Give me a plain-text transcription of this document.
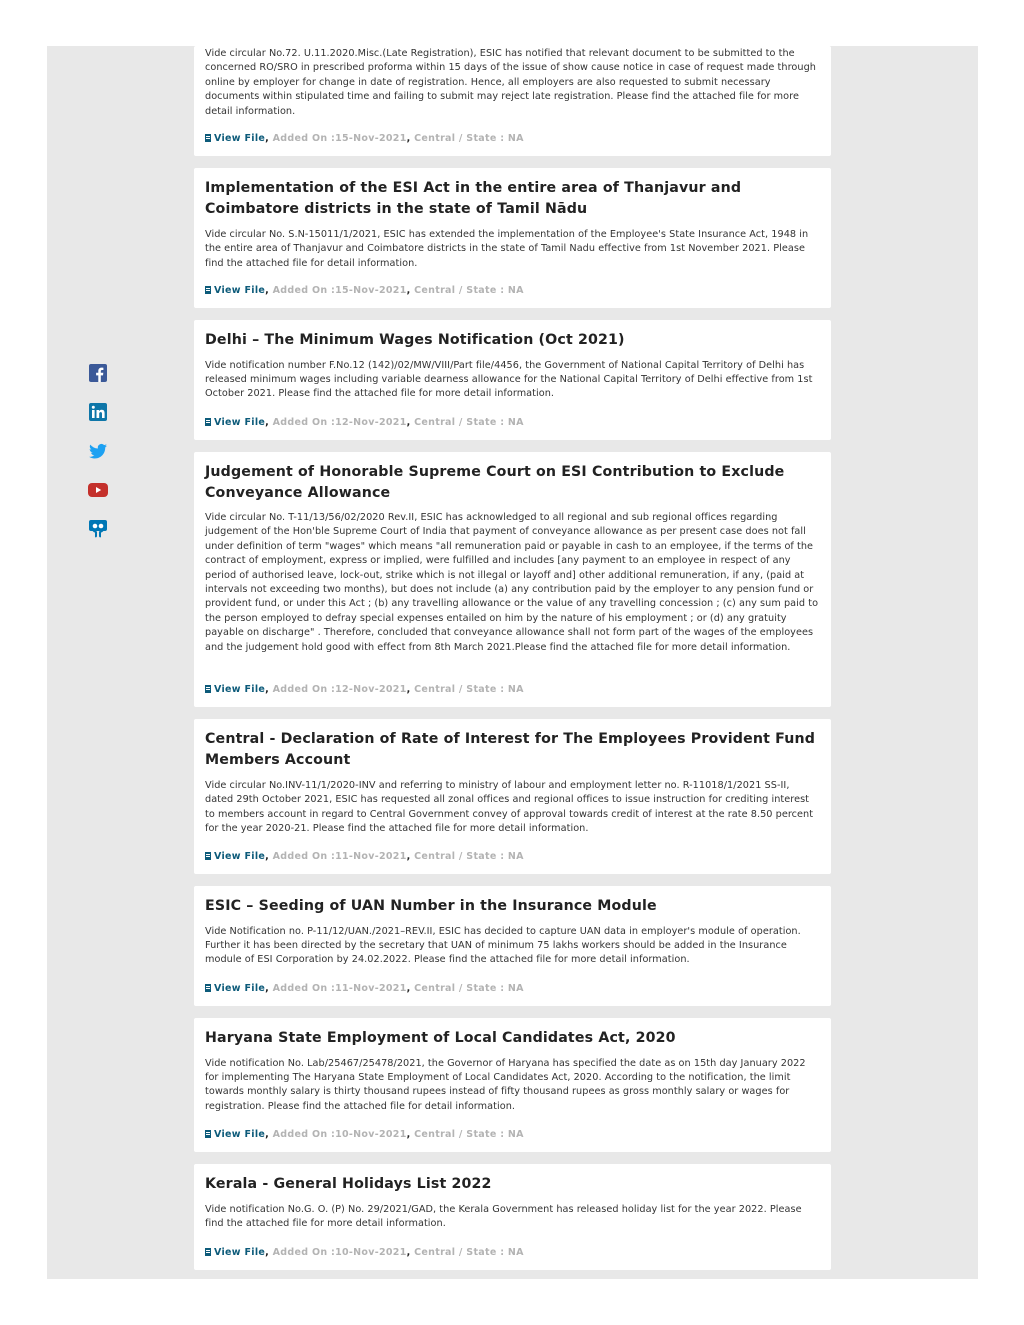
Vide circular No.72. U.11.2020.Misc.(Late Registration), ESIC has notified that relevant document to be submitted to the concerned RO/SRO in prescribed proforma within 15 days of the issue of show cause notice in case of request made through online by employer for change in date of registration. Hence, all employers are also requested to submit necessary documents within stipulated time and failing to submit may reject late registration. Please find the attached file for more detail information.

View File, Added On :15-Nov-2021, Central / State : NA
Implementation of the ESI Act in the entire area of Thanjavur and Coimbatore districts in the state of Tamil Nādu

Vide circular No. S.N-15011/1/2021, ESIC has extended the implementation of the Employee's State Insurance Act, 1948 in the entire area of Thanjavur and Coimbatore districts in the state of Tamil Nadu effective from 1st November 2021. Please find the attached file for detail information.

View File, Added On :15-Nov-2021, Central / State : NA
Delhi – The Minimum Wages Notification (Oct 2021)

Vide notification number F.No.12 (142)/02/MW/VIII/Part file/4456, the Government of National Capital Territory of Delhi has released minimum wages including variable dearness allowance for the National Capital Territory of Delhi effective from 1st October 2021. Please find the attached file for more detail information.

View File, Added On :12-Nov-2021, Central / State : NA
Judgement of Honorable Supreme Court on ESI Contribution to Exclude Conveyance Allowance

Vide circular No. T-11/13/56/02/2020 Rev.II, ESIC has acknowledged to all regional and sub regional offices regarding judgement of the Hon'ble Supreme Court of India that payment of conveyance allowance as per present case does not fall under definition of term "wages" which means "all remuneration paid or payable in cash to an employee, if the terms of the contract of employment, express or implied, were fulfilled and includes [any payment to an employee in respect of any period of authorised leave, lock-out, strike which is not illegal or layoff and] other additional remuneration, if any, (paid at intervals not exceeding two months), but does not include (a) any contribution paid by the employer to any pension fund or provident fund, or under this Act ; (b) any travelling allowance or the value of any travelling concession ; (c) any sum paid to the person employed to defray special expenses entailed on him by the nature of his employment ; or (d) any gratuity payable on discharge" . Therefore, concluded that conveyance allowance shall not form part of the wages of the employees and the judgement hold good with effect from 8th March 2021.Please find the attached file for more detail information.

View File, Added On :12-Nov-2021, Central / State : NA
Central - Declaration of Rate of Interest for The Employees Provident Fund Members Account

Vide circular No.INV-11/1/2020-INV and referring to ministry of labour and employment letter no. R-11018/1/2021 SS-II, dated 29th October 2021, ESIC has requested all zonal offices and regional offices to issue instruction for crediting interest to members account in regard to Central Government convey of approval towards credit of interest at the rate 8.50 percent for the year 2020-21. Please find the attached file for more detail information.

View File, Added On :11-Nov-2021, Central / State : NA
ESIC – Seeding of UAN Number in the Insurance Module

Vide Notification no. P-11/12/UAN./2021–REV.II, ESIC has decided to capture UAN data in employer's module of operation. Further it has been directed by the secretary that UAN of minimum 75 lakhs workers should be added in the Insurance module of ESI Corporation by 24.02.2022. Please find the attached file for more detail information.

View File, Added On :11-Nov-2021, Central / State : NA
Haryana State Employment of Local Candidates Act, 2020

Vide notification No. Lab/25467/25478/2021, the Governor of Haryana has specified the date as on 15th day January 2022 for implementing The Haryana State Employment of Local Candidates Act, 2020. According to the notification, the limit towards monthly salary is thirty thousand rupees instead of fifty thousand rupees as gross monthly salary or wages for registration. Please find the attached file for detail information.

View File, Added On :10-Nov-2021, Central / State : NA
Kerala - General Holidays List 2022

Vide notification No.G. O. (P) No. 29/2021/GAD, the Kerala Government has released holiday list for the year 2022. Please find the attached file for more detail information.

View File, Added On :10-Nov-2021, Central / State : NA
